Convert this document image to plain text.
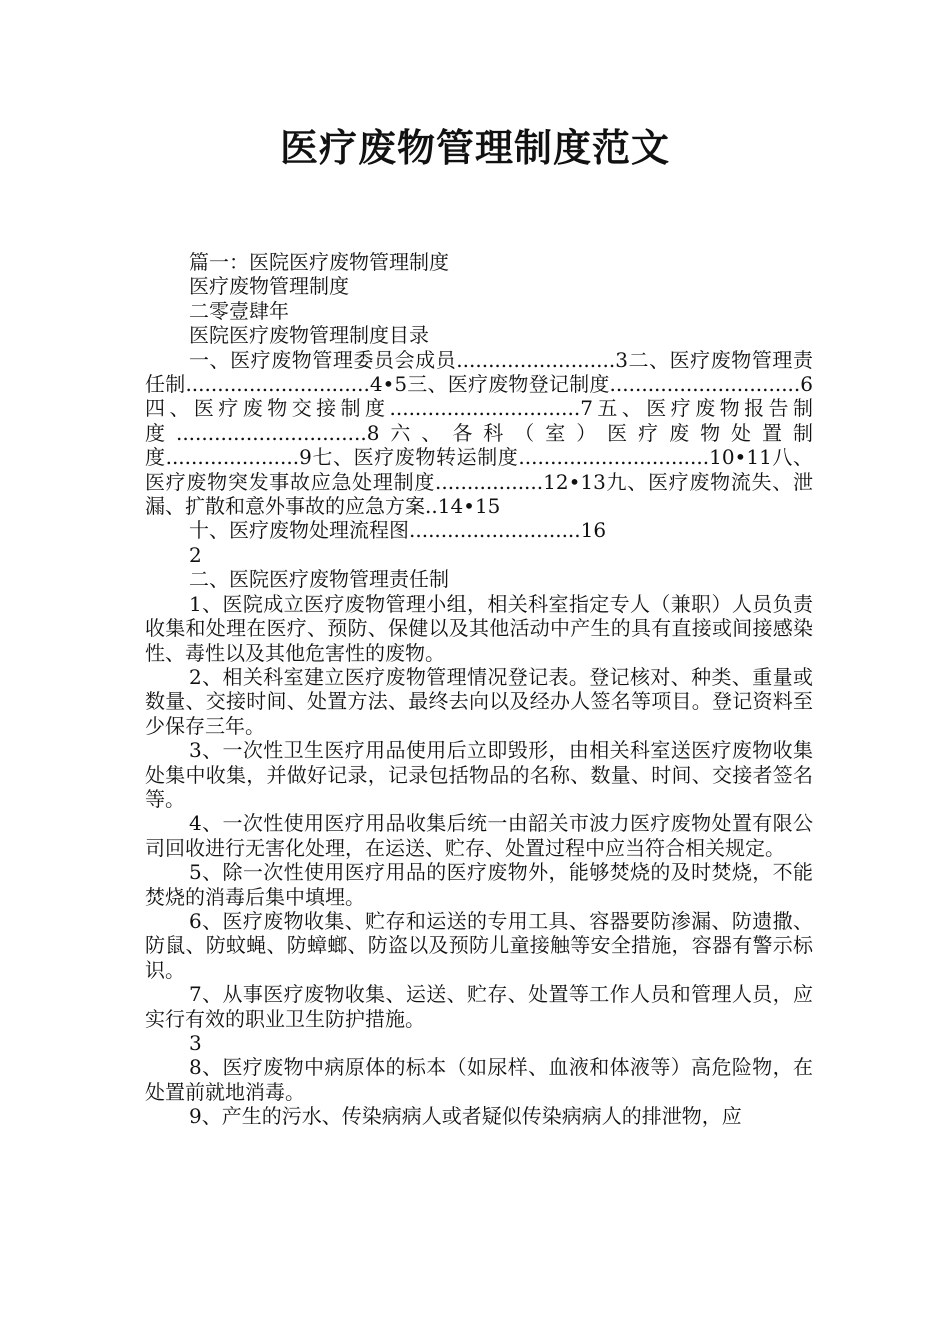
医疗废物管理制度范文

篇一：医院医疗废物管理制度

医疗废物管理制度

二零壹肆年

医院医疗废物管理制度目录

一、医疗废物管理委员会成员.........................3二、医疗废物管理责任制.............................4•5三、医疗废物登记制度..............................6四、医疗废物交接制度..............................7五、医疗废物报告制度..............................8六、各科（室）医疗废物处置制度.....................9七、医疗废物转运制度..............................10•11八、医疗废物突发事故应急处理制度.................12•13九、医疗废物流失、泄漏、扩散和意外事故的应急方案..14•15

十、医疗废物处理流程图...........................16

2

二、医院医疗废物管理责任制

1、医院成立医疗废物管理小组，相关科室指定专人（兼职）人员负责收集和处理在医疗、预防、保健以及其他活动中产生的具有直接或间接感染性、毒性以及其他危害性的废物。

2、相关科室建立医疗废物管理情况登记表。登记核对、种类、重量或数量、交接时间、处置方法、最终去向以及经办人签名等项目。登记资料至少保存三年。

3、一次性卫生医疗用品使用后立即毁形，由相关科室送医疗废物收集处集中收集，并做好记录，记录包括物品的名称、数量、时间、交接者签名等。

4、一次性使用医疗用品收集后统一由韶关市波力医疗废物处置有限公司回收进行无害化处理，在运送、贮存、处置过程中应当符合相关规定。

5、除一次性使用医疗用品的医疗废物外，能够焚烧的及时焚烧，不能焚烧的消毒后集中填埋。

6、医疗废物收集、贮存和运送的专用工具、容器要防渗漏、防遗撒、防鼠、防蚊蝇、防蟑螂、防盗以及预防儿童接触等安全措施，容器有警示标识。

7、从事医疗废物收集、运送、贮存、处置等工作人员和管理人员，应实行有效的职业卫生防护措施。

3

8、医疗废物中病原体的标本（如尿样、血液和体液等）高危险物，在处置前就地消毒。

9、产生的污水、传染病病人或者疑似传染病病人的排泄物，应
